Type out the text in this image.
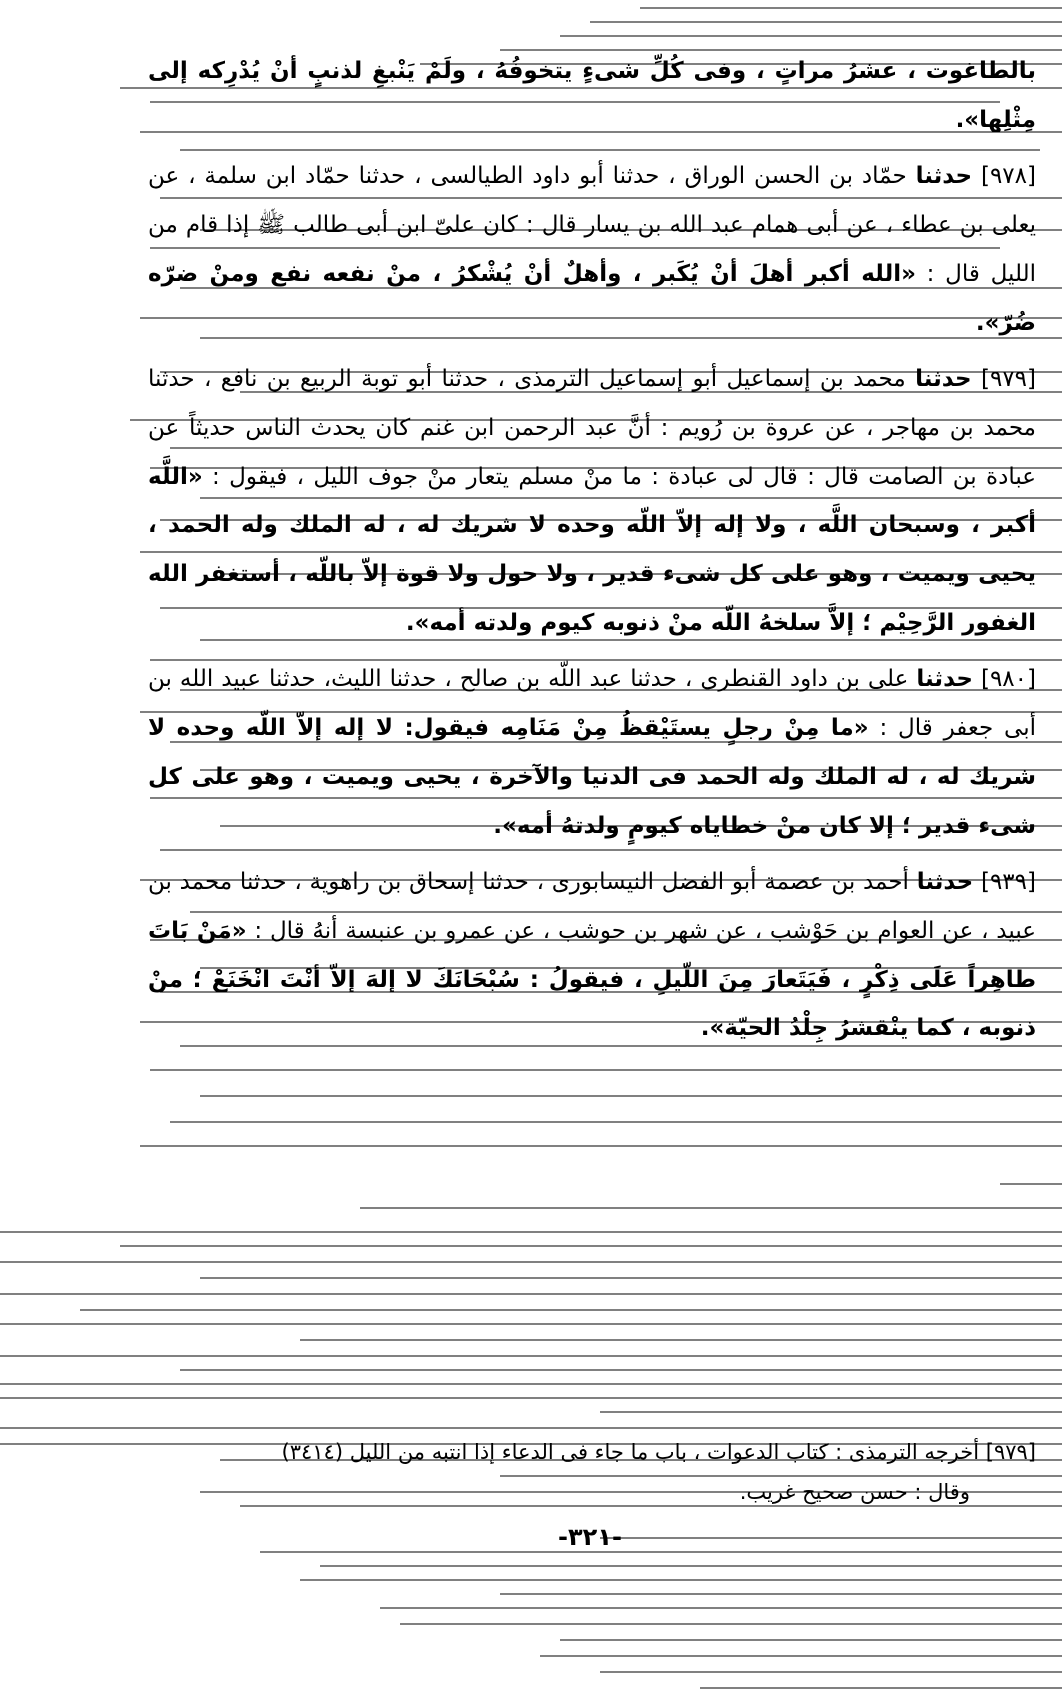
بالطاغوت ، عشرُ مراتٍ ، وفى كُلِّ شىءٍ يتخوفُهُ ، ولَمْ يَنْبغِ لذنبٍ أنْ يُدْرِكه إلى مِثْلِها».

[٩٧٨] حدثنا حمّاد بن الحسن الوراق ، حدثنا أبو داود الطيالسى ، حدثنا حمّاد ابن سلمة ، عن يعلى بن عطاء ، عن أبى همام عبد الله بن يسار قال : كان علىّ ابن أبى طالب ﷺ إذا قام من الليل قال : «الله أكبر أهلَ أنْ يُكَبر ، وأهلٌ أنْ يُشْكرُ ، منْ نفعه نفع ومنْ ضرّه ضُرّ».

[٩٧٩] حدثنا محمد بن إسماعيل أبو إسماعيل الترمذى ، حدثنا أبو توبة الربيع بن نافع ، حدثنا محمد بن مهاجر ، عن عروة بن رُويم : أنَّ عبد الرحمن ابن غنم كان يحدث الناس حديثاً عن عبادة بن الصامت قال : قال لى عبادة : ما منْ مسلم يتعار منْ جوف الليل ، فيقول : «اللَّه أكبر ، وسبحان اللَّه ، ولا إله إلاّ اللّه وحده لا شريك له ، له الملك وله الحمد ، يحيى ويميت ، وهو على كل شىء قدير ، ولا حول ولا قوة إلاّ باللّه ، أستغفر الله الغفور الرَّحِيْم ؛ إلاَّ سلخهُ اللّه منْ ذنوبه كيوم ولدته أمه».

[٩٨٠] حدثنا على بن داود القنطرى ، حدثنا عبد اللّه بن صالح ، حدثنا الليث، حدثنا عبيد الله بن أبى جعفر قال : «ما مِنْ رجلٍ يستَيْقظُ مِنْ مَنَامِه فيقول: لا إله إلاّ اللّه وحده لا شريك له ، له الملك وله الحمد فى الدنيا والآخرة ، يحيى ويميت ، وهو على كل شىء قدير ؛ إلا كان منْ خطاياه كيومٍ ولدتهُ أمه».

[٩٣٩] حدثنا أحمد بن عصمة أبو الفضل النيسابورى ، حدثنا إسحاق بن راهوية ، حدثنا محمد بن عبيد ، عن العوام بن حَوْشب ، عن شهر بن حوشب ، عن عمرو بن عنبسة أنهُ قال : «مَنْ بَاتَ طاهِراً عَلَى ذِكْرٍ ، فَيَتَعارَ مِنَ اللّيلِ ، فيقولُ : سُبْحَانَكَ لا إلهَ إلاّ أنْتَ انْخَنَعْ ؛ منْ ذنوبه ، كما ينْقشرُ جِلْدُ الحيّة».

[٩٧٩] أخرجه الترمذى : كتاب الدعوات ، باب ما جاء فى الدعاء إذا انتبه من الليل (٣٤١٤)

وقال : حسن صحيح غريب.

-٣٢١-
